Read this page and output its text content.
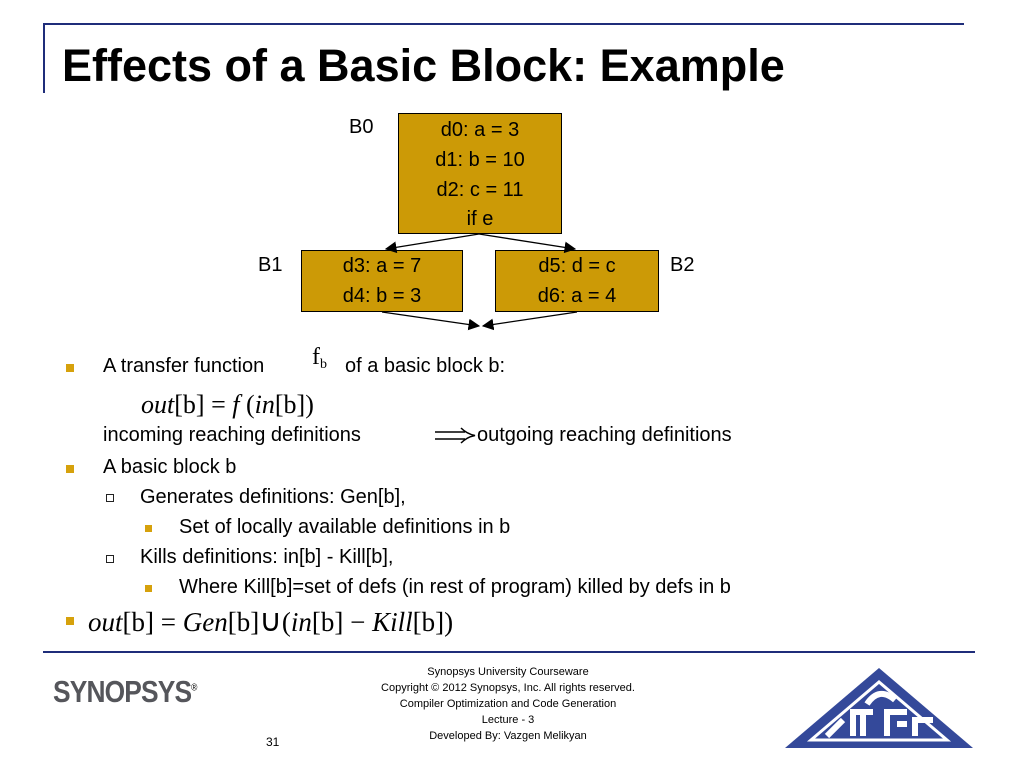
Effects of a Basic Block: Example
B0	d0: a = 3
d1: b = 10
d2: c = 11
if e
B1	d3: a = 7
d4: b = 3
B2
d5: d = c
d6: a = 4
A transfer function fb of a basic block b:
out[b] = f (in[b])
incoming reaching definitions	outgoing reaching definitions
A basic block b
Generates definitions: Gen[b],
Set of locally available definitions in b
Kills definitions: in[b] - Kill[b],
Where Kill[b]=set of defs (in rest of program) killed by defs in b
out[b] = Gen[b]∪(in[b] − Kill[b])
SYNOPSYS®
Synopsys University Courseware
Copyright © 2012 Synopsys, Inc. All rights reserved.
Compiler Optimization and Code Generation
Lecture - 3
Developed By: Vazgen Melikyan
31
